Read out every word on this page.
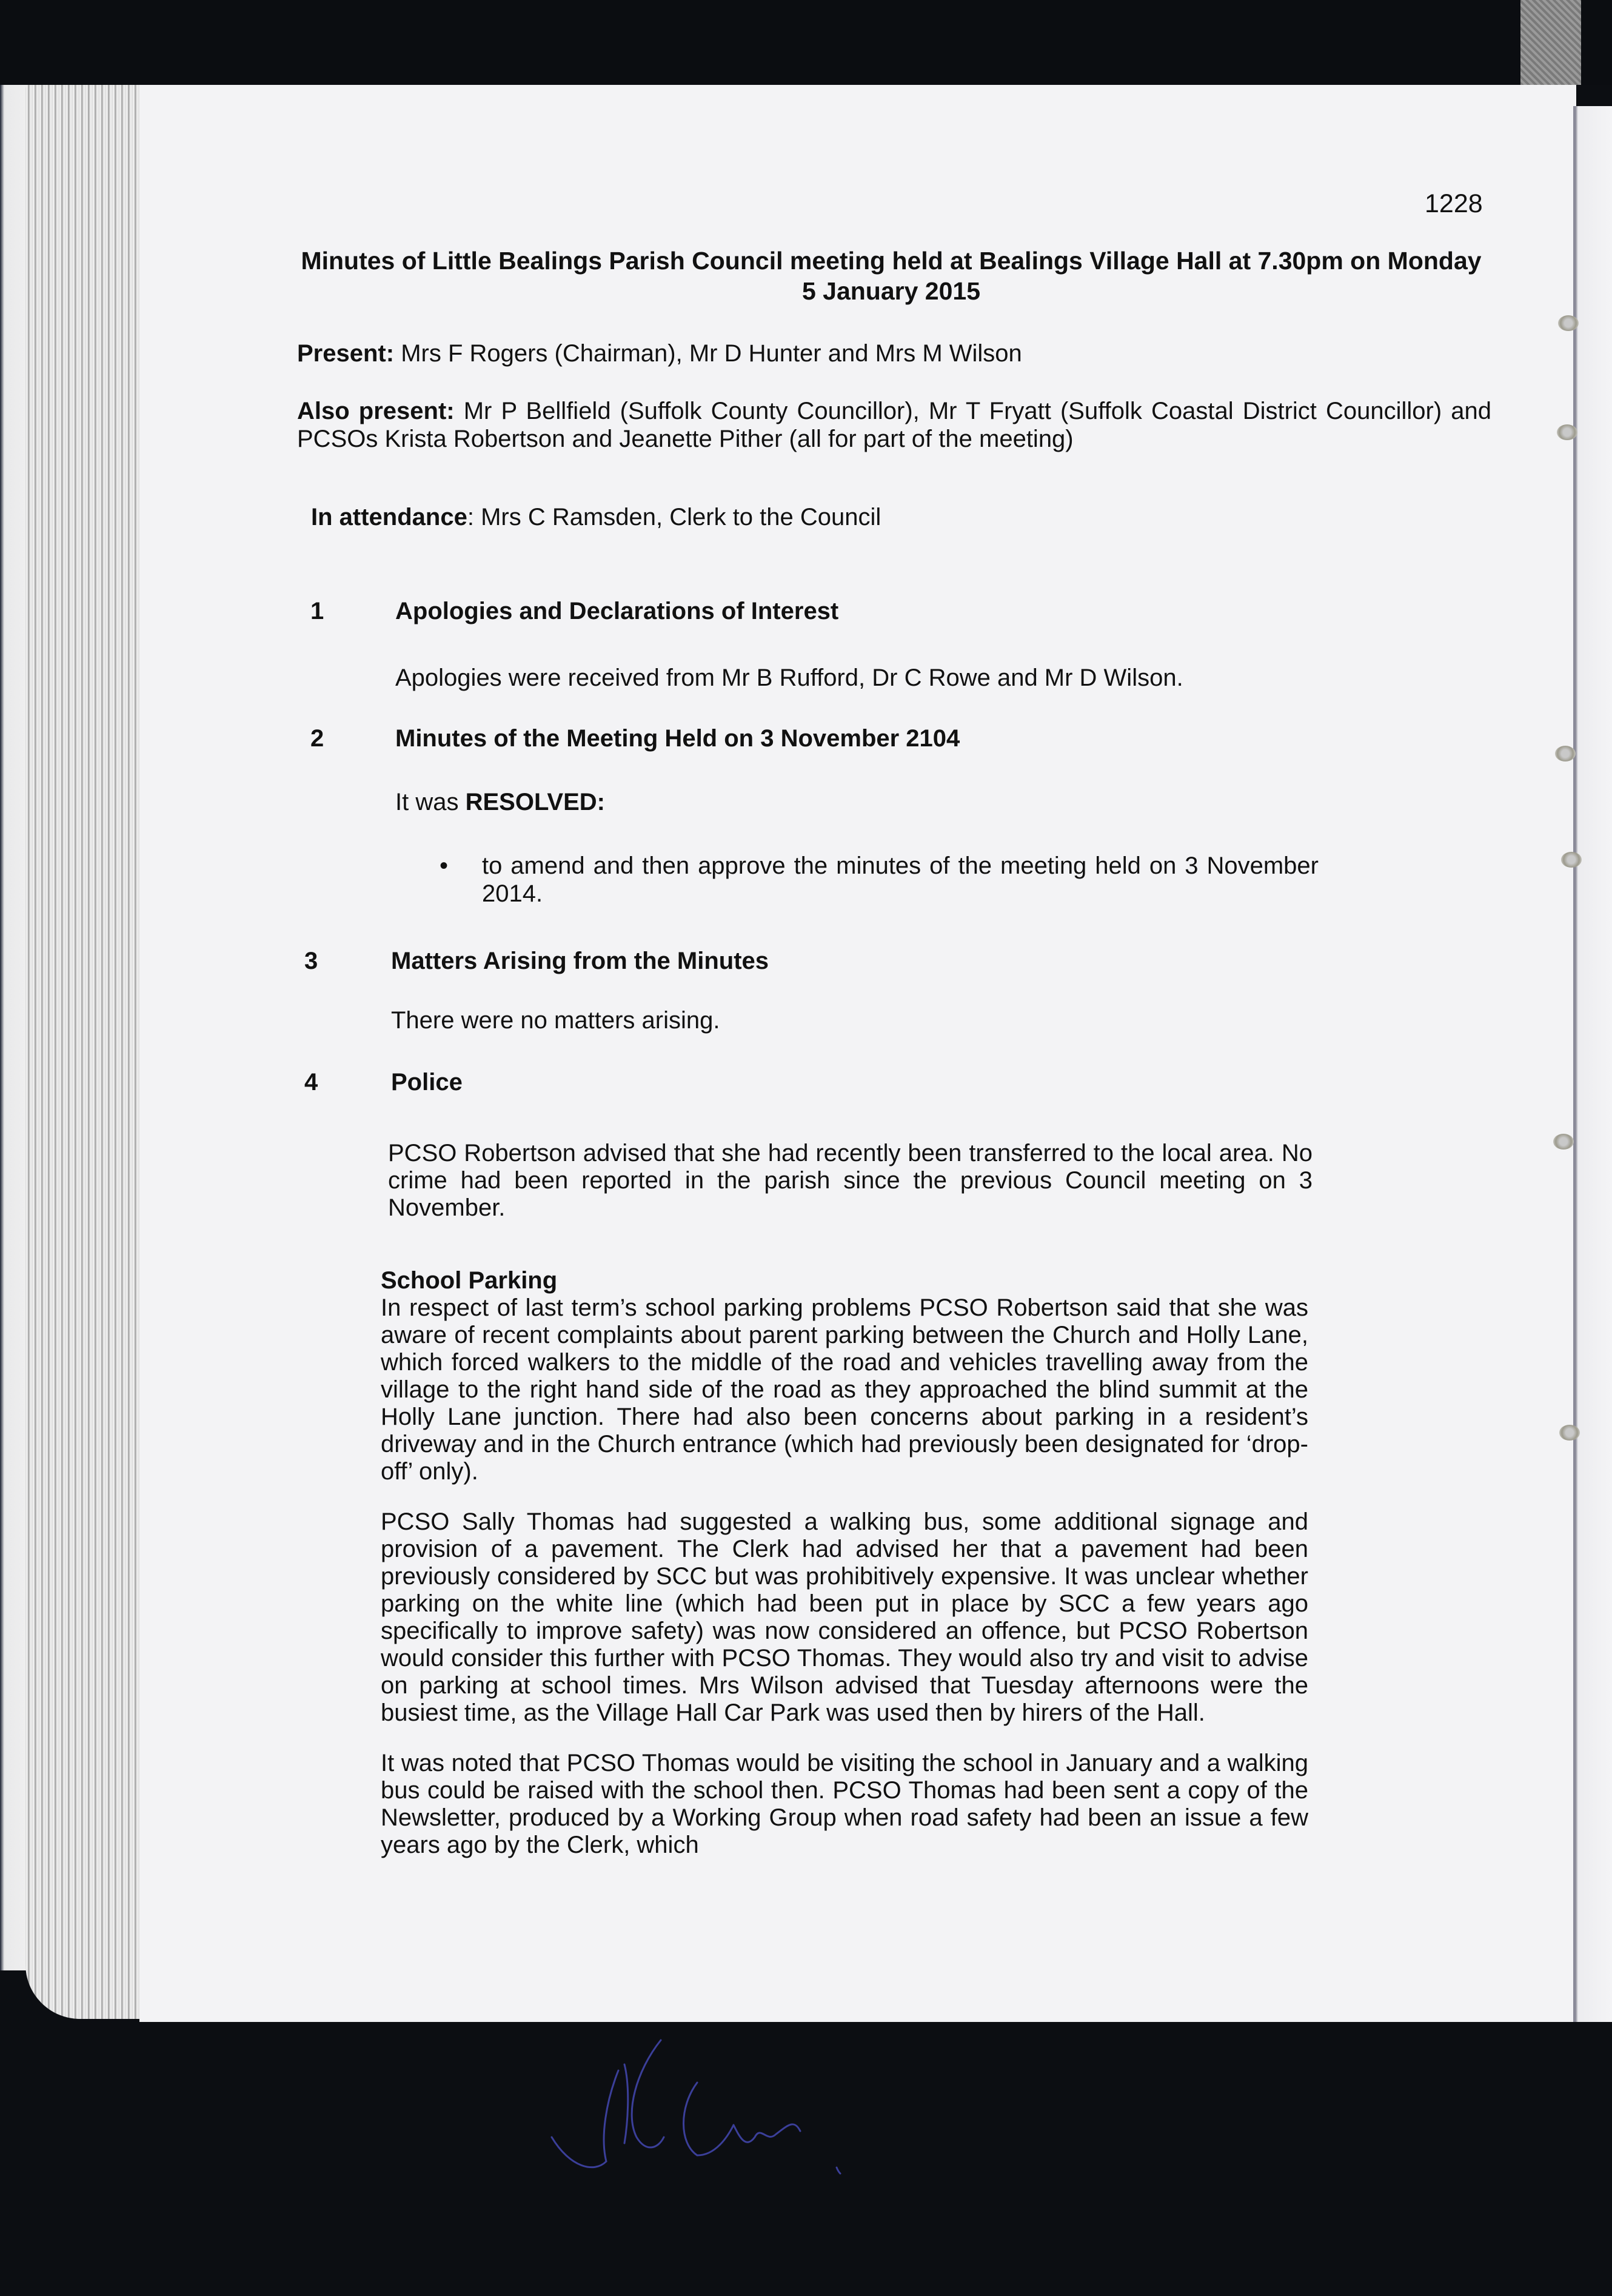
1228
Minutes of Little Bealings Parish Council meeting held at Bealings Village Hall at 7.30pm on Monday 5 January 2015
Present: Mrs F Rogers (Chairman), Mr D Hunter and Mrs M Wilson
Also present: Mr P Bellfield (Suffolk County Councillor), Mr T Fryatt (Suffolk Coastal District Councillor) and PCSOs Krista Robertson and Jeanette Pither (all for part of the meeting)
In attendance: Mrs C Ramsden, Clerk to the Council
1	Apologies and Declarations of Interest
Apologies were received from Mr B Rufford, Dr C Rowe and Mr D Wilson.
2	Minutes of the Meeting Held on 3 November 2104
It was RESOLVED:
• to amend and then approve the minutes of the meeting held on 3 November 2014.
3	Matters Arising from the Minutes
There were no matters arising.
4	Police
PCSO Robertson advised that she had recently been transferred to the local area. No crime had been reported in the parish since the previous Council meeting on 3 November.

School Parking

In respect of last term’s school parking problems PCSO Robertson said that she was aware of recent complaints about parent parking between the Church and Holly Lane, which forced walkers to the middle of the road and vehicles travelling away from the village to the right hand side of the road as they approached the blind summit at the Holly Lane junction. There had also been concerns about parking in a resident’s driveway and in the Church entrance (which had previously been designated for ‘drop-off’ only).

PCSO Sally Thomas had suggested a walking bus, some additional signage and provision of a pavement. The Clerk had advised her that a pavement had been previously considered by SCC but was prohibitively expensive. It was unclear whether parking on the white line (which had been put in place by SCC a few years ago specifically to improve safety) was now considered an offence, but PCSO Robertson would consider this further with PCSO Thomas. They would also try and visit to advise on parking at school times. Mrs Wilson advised that Tuesday afternoons were the busiest time, as the Village Hall Car Park was used then by hirers of the Hall.

It was noted that PCSO Thomas would be visiting the school in January and a walking bus could be raised with the school then. PCSO Thomas had been sent a copy of the Newsletter, produced by a Working Group when road safety had been an issue a few years ago by the Clerk, which
